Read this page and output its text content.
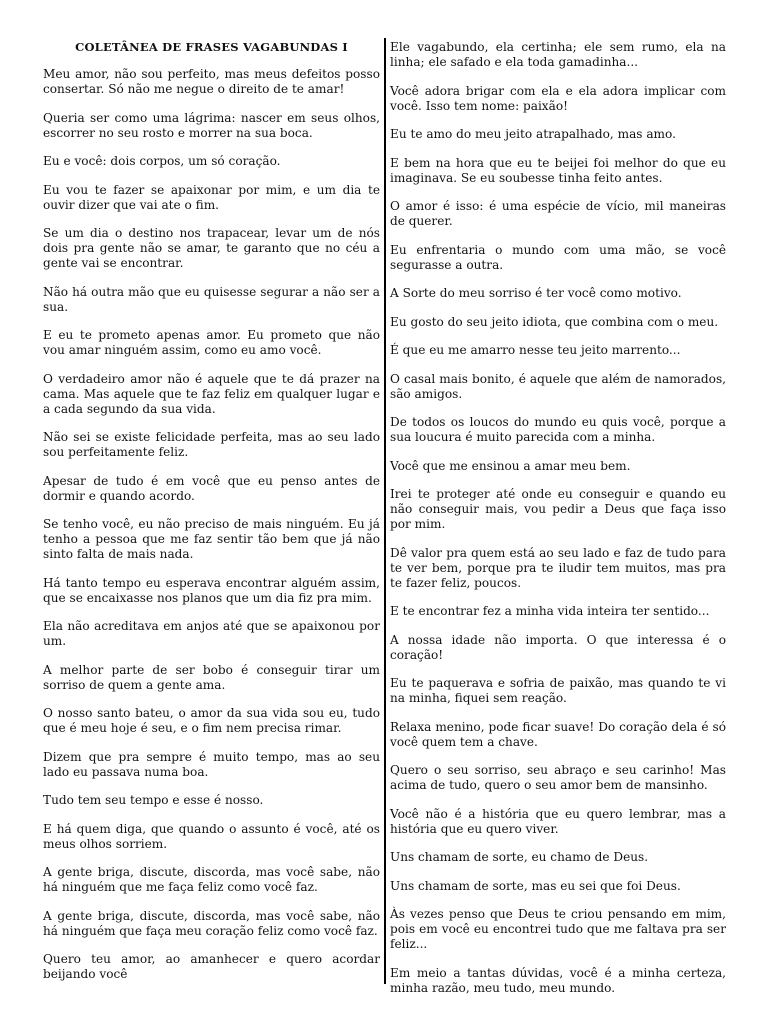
COLETÂNEA DE FRASES VAGABUNDAS I

Meu amor, não sou perfeito, mas meus defeitos posso consertar. Só não me negue o direito de te amar!

Queria ser como uma lágrima: nascer em seus olhos, escorrer no seu rosto e morrer na sua boca.

Eu e você: dois corpos, um só coração.

Eu vou te fazer se apaixonar por mim, e um dia te ouvir dizer que vai ate o fim.

Se um dia o destino nos trapacear, levar um de nós dois pra gente não se amar, te garanto que no céu a gente vai se encontrar.

Não há outra mão que eu quisesse segurar a não ser a sua.

E eu te prometo apenas amor. Eu prometo que não vou amar ninguém assim, como eu amo você.

O verdadeiro amor não é aquele que te dá prazer na cama. Mas aquele que te faz feliz em qualquer lugar e a cada segundo da sua vida.

Não sei se existe felicidade perfeita, mas ao seu lado sou perfeitamente feliz.

Apesar de tudo é em você que eu penso antes de dormir e quando acordo.

Se tenho você, eu não preciso de mais ninguém. Eu já tenho a pessoa que me faz sentir tão bem que já não sinto falta de mais nada.

Há tanto tempo eu esperava encontrar alguém assim, que se encaixasse nos planos que um dia fiz pra mim.

Ela não acreditava em anjos até que se apaixonou por um.

A melhor parte de ser bobo é conseguir tirar um sorriso de quem a gente ama.

O nosso santo bateu, o amor da sua vida sou eu, tudo que é meu hoje é seu, e o fim nem precisa rimar.

Dizem que pra sempre é muito tempo, mas ao seu lado eu passava numa boa.

Tudo tem seu tempo e esse é nosso.

E há quem diga, que quando o assunto é você, até os meus olhos sorriem.

A gente briga, discute, discorda, mas você sabe, não há ninguém que me faça feliz como você faz.

A gente briga, discute, discorda, mas você sabe, não há ninguém que faça meu coração feliz como você faz.

Quero teu amor, ao amanhecer e quero acordar beijando você

Ele vagabundo, ela certinha; ele sem rumo, ela na linha; ele safado e ela toda gamadinha...

Você adora brigar com ela e ela adora implicar com você. Isso tem nome: paixão!

Eu te amo do meu jeito atrapalhado, mas amo.

E bem na hora que eu te beijei foi melhor do que eu imaginava. Se eu soubesse tinha feito antes.

O amor é isso: é uma espécie de vício, mil maneiras de querer.

Eu enfrentaria o mundo com uma mão, se você segurasse a outra.

A Sorte do meu sorriso é ter você como motivo.

Eu gosto do seu jeito idiota, que combina com o meu.

É que eu me amarro nesse teu jeito marrento...

O casal mais bonito, é aquele que além de namorados, são amigos.

De todos os loucos do mundo eu quis você, porque a sua loucura é muito parecida com a minha.

Você que me ensinou a amar meu bem.

Irei te proteger até onde eu conseguir e quando eu não conseguir mais, vou pedir a Deus que faça isso por mim.

Dê valor pra quem está ao seu lado e faz de tudo para te ver bem, porque pra te iludir tem muitos, mas pra te fazer feliz, poucos.

E te encontrar fez a minha vida inteira ter sentido...

A nossa idade não importa. O que interessa é o coração!

Eu te paquerava e sofria de paixão, mas quando te vi na minha, fiquei sem reação.

Relaxa menino, pode ficar suave! Do coração dela é só você quem tem a chave.

Quero o seu sorriso, seu abraço e seu carinho! Mas acima de tudo, quero o seu amor bem de mansinho.

Você não é a história que eu quero lembrar, mas a história que eu quero viver.

Uns chamam de sorte, eu chamo de Deus.

Uns chamam de sorte, mas eu sei que foi Deus.

Às vezes penso que Deus te criou pensando em mim, pois em você eu encontrei tudo que me faltava pra ser feliz...

Em meio a tantas dúvidas, você é a minha certeza, minha razão, meu tudo, meu mundo.
